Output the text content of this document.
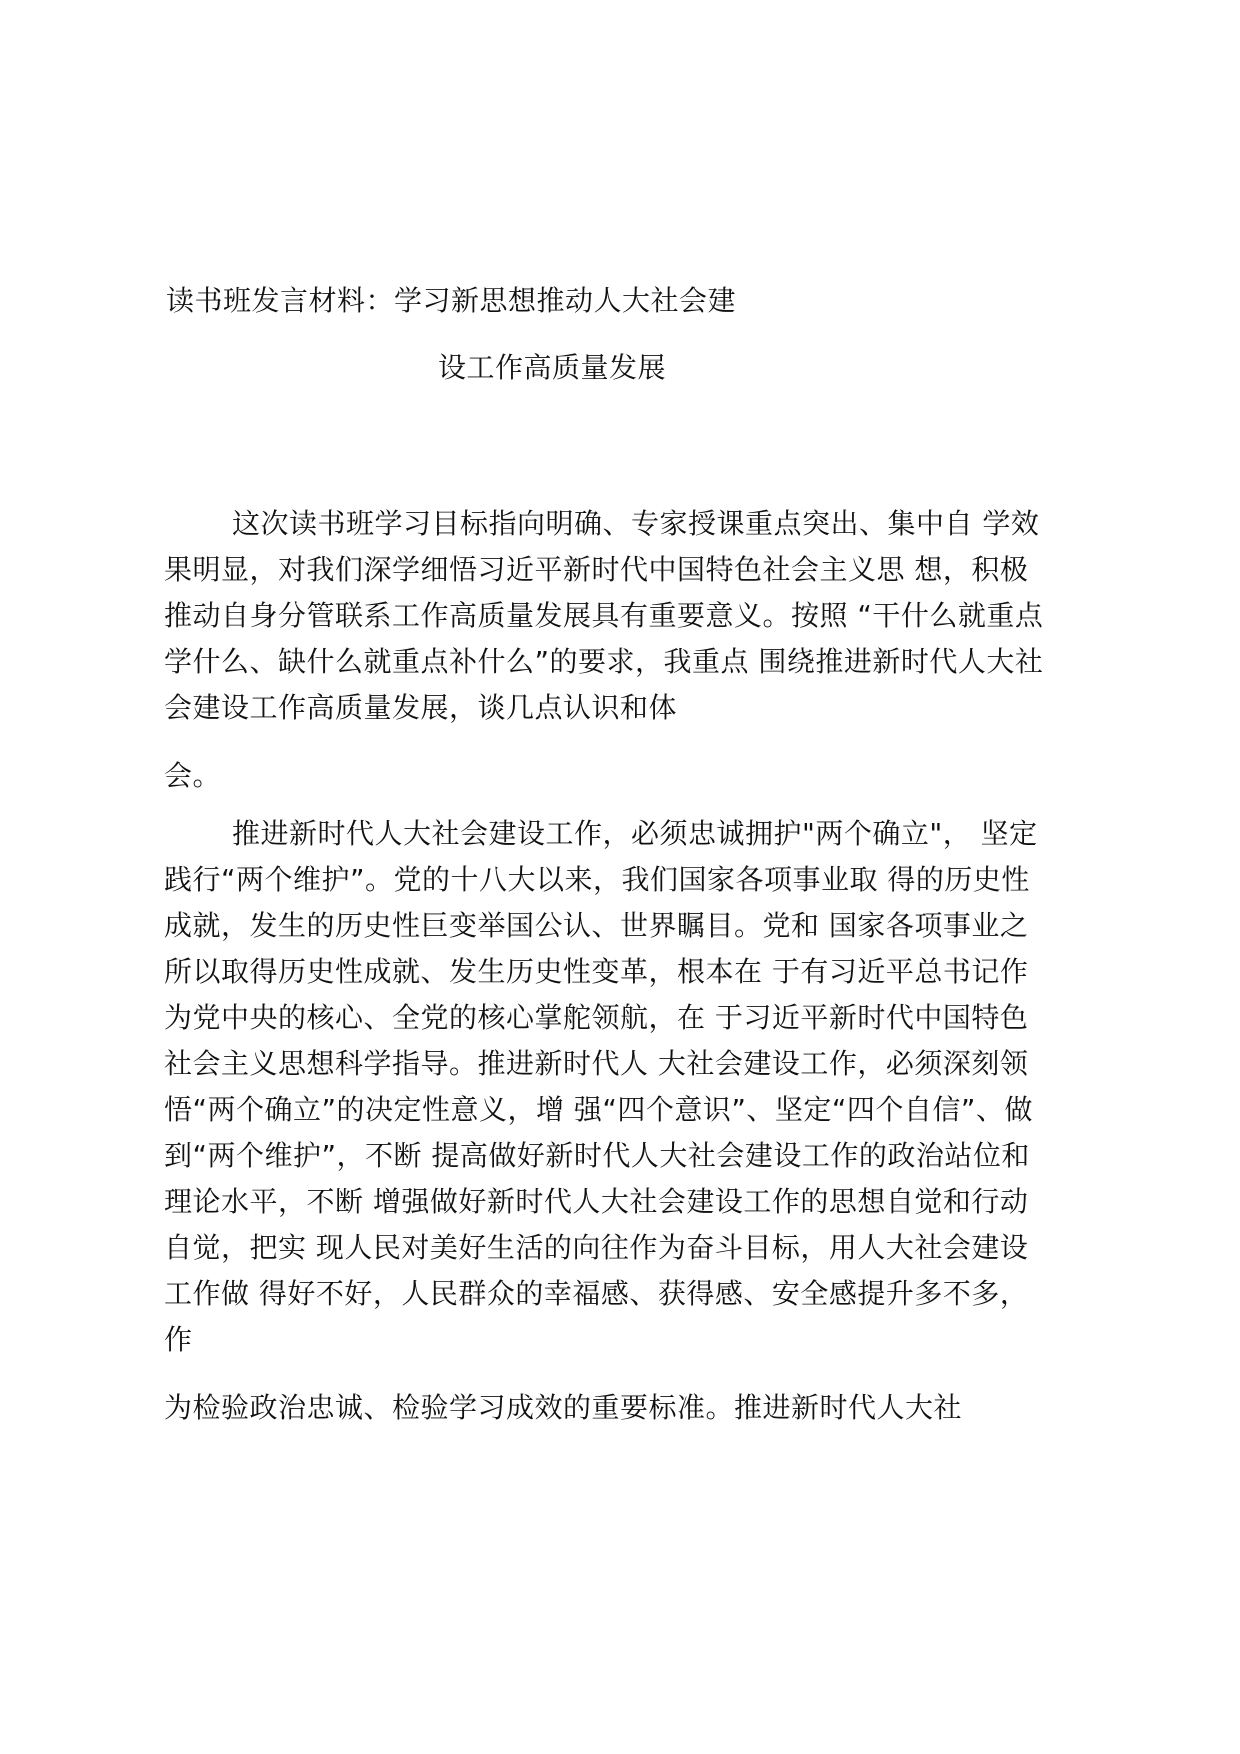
读书班发言材料：学习新思想推动人大社会建
设工作高质量发展
这次读书班学习目标指向明确、专家授课重点突出、集中自 学效
果明显，对我们深学细悟习近平新时代中国特色社会主义思 想，积极
推动自身分管联系工作高质量发展具有重要意义。按照 “干什么就重点
学什么、缺什么就重点补什么”的要求，我重点 围绕推进新时代人大社
会建设工作高质量发展，谈几点认识和体
会。
推进新时代人大社会建设工作，必须忠诚拥护"两个确立"， 坚定
践行“两个维护”。党的十八大以来，我们国家各项事业取 得的历史性
成就，发生的历史性巨变举国公认、世界瞩目。党和 国家各项事业之
所以取得历史性成就、发生历史性变革，根本在 于有习近平总书记作
为党中央的核心、全党的核心掌舵领航，在 于习近平新时代中国特色
社会主义思想科学指导。推进新时代人 大社会建设工作，必须深刻领
悟“两个确立”的决定性意义，增 强“四个意识”、坚定“四个自信”、做
到“两个维护”，不断 提高做好新时代人大社会建设工作的政治站位和
理论水平，不断 增强做好新时代人大社会建设工作的思想自觉和行动
自觉，把实 现人民对美好生活的向往作为奋斗目标，用人大社会建设
工作做 得好不好，人民群众的幸福感、获得感、安全感提升多不多，
作
为检验政治忠诚、检验学习成效的重要标准。推进新时代人大社
